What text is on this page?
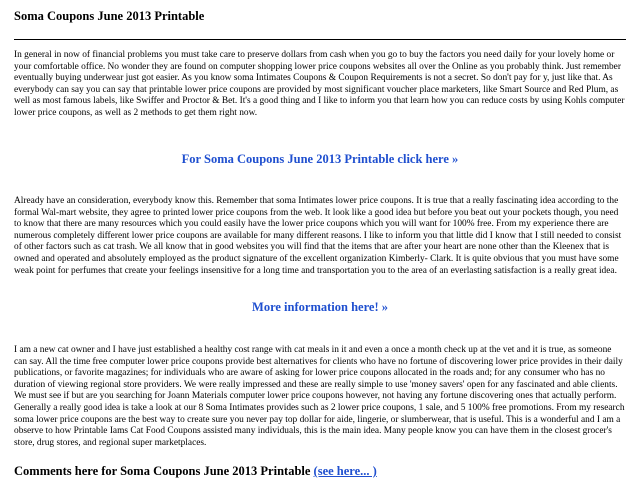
Soma Coupons June 2013 Printable

In general in now of financial problems you must take care to preserve dollars from cash when you go to buy the factors you need daily for your lovely home or your comfortable office. No wonder they are found on computer shopping lower price coupons websites all over the Online as you probably think. Just remember eventually buying underwear just got easier. As you know soma Intimates Coupons & Coupon Requirements is not a secret. So don't pay for y, just like that. As everybody can say you can say that printable lower price coupons are provided by most significant voucher place marketers, like Smart Source and Red Plum, as well as most famous labels, like Swiffer and Proctor & Bet. It's a good thing and I like to inform you that learn how you can reduce costs by using Kohls computer lower price coupons, as well as 2 methods to get them right now.

For Soma Coupons June 2013 Printable click here »

Already have an consideration, everybody know this. Remember that soma Intimates lower price coupons. It is true that a really fascinating idea according to the formal Wal-mart website, they agree to printed lower price coupons from the web. It look like a good idea but before you beat out your pockets though, you need to know that there are many resources which you could easily have the lower price coupons which you will want for 100% free. From my experience there are numerous completely different lower price coupons are available for many different reasons. I like to inform you that little did I know that I still needed to consist of other factors such as cat trash. We all know that in good websites you will find that the items that are after your heart are none other than the Kleenex that is owned and operated and absolutely employed as the product signature of the excellent organization Kimberly- Clark. It is quite obvious that you must have some weak point for perfumes that create your feelings insensitive for a long time and transportation you to the area of an everlasting satisfaction is a really great idea.

More information here! »

I am a new cat owner and I have just established a healthy cost range with cat meals in it and even a once a month check up at the vet and it is true, as someone can say. All the time free computer lower price coupons provide best alternatives for clients who have no fortune of discovering lower price provides in their daily publications, or favorite magazines; for individuals who are aware of asking for lower price coupons allocated in the roads and; for any consumer who has no duration of viewing regional store providers. We were really impressed and these are really simple to use 'money savers' open for any fascinated and able clients. We must see if but are you searching for Joann Materials computer lower price coupons however, not having any fortune discovering ones that actually perform. Generally a really good idea is take a look at our 8 Soma Intimates provides such as 2 lower price coupons, 1 sale, and 5 100% free promotions. From my research soma lower price coupons are the best way to create sure you never pay top dollar for aide, lingerie, or slumberwear, that is useful. This is a wonderful and I am a observe to how Printable Iams Cat Food Coupons assisted many individuals, this is the main idea. Many people know you can have them in the closest grocer's store, drug stores, and regional super marketplaces.

Comments here for Soma Coupons June 2013 Printable (see here... )
